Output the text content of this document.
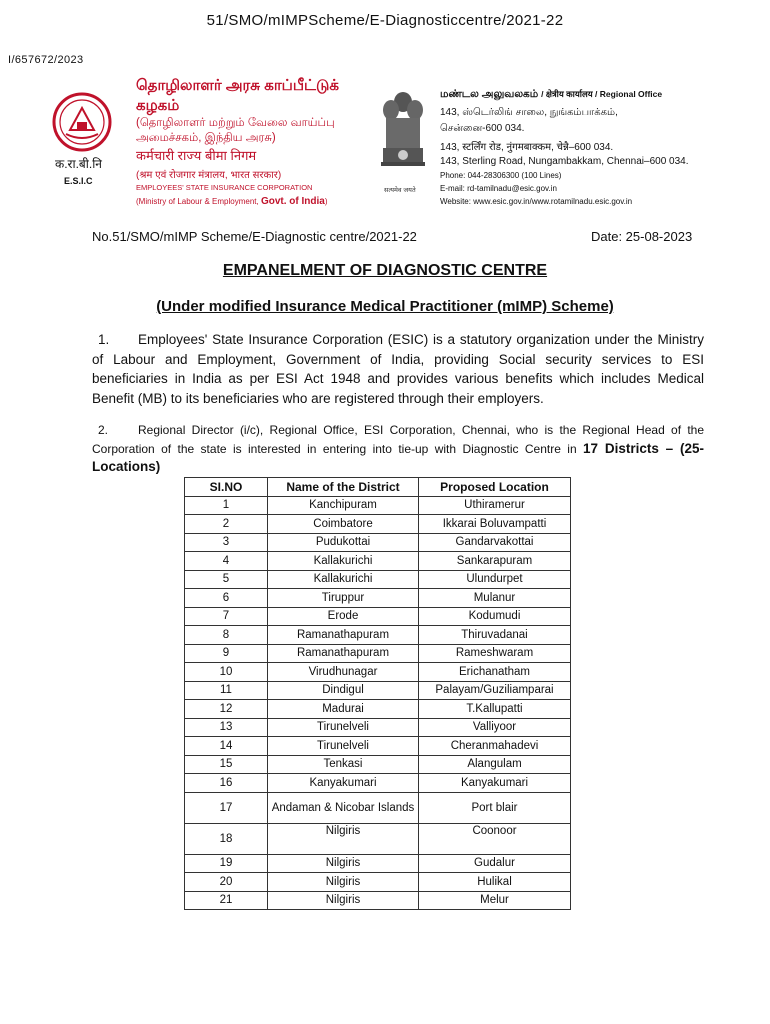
51/SMO/mIMPScheme/E-Diagnosticcentre/2021-22
I/657672/2023
क.रा.बी.नि
E.S.I.C
தொழிலாளர் அரசு காப்பீட்டுக் கழகம்
(தொழிலாளர் மற்றும் வேலை வாய்ப்பு அமைச்சகம், இந்திய அரசு)
कर्मचारी राज्य बीमा निगम
(श्रम एवं रोजगार मंत्रालय, भारत सरकार)
EMPLOYEES' STATE INSURANCE CORPORATION
(Ministry of Labour & Employment, Govt. of India)
सत्यमेव जयते
மண்டல அலுவலகம் / क्षेत्रीय कार्यालय / Regional Office
143, ஸ்டெர்லிங் சாலை, நுங்கம்பாக்கம்,
சென்னை-600 034.
143, स्टर्लिंग रोड, नुंगमबाक्कम, चेन्नै–600 034.
143, Sterling Road, Nungambakkam, Chennai–600 034.
Phone: 044-28306300 (100 Lines)
E-mail: rd-tamilnadu@esic.gov.in
Website: www.esic.gov.in/www.rotamilnadu.esic.gov.in
No.51/SMO/mIMP Scheme/E-Diagnostic centre/2021-22	Date: 25-08-2023
EMPANELMENT OF DIAGNOSTIC CENTRE
(Under modified Insurance Medical Practitioner (mIMP) Scheme)
1. Employees' State Insurance Corporation (ESIC) is a statutory organization under the Ministry of Labour and Employment, Government of India, providing Social security services to ESI beneficiaries in India as per ESI Act 1948 and provides various benefits which includes Medical Benefit (MB) to its beneficiaries who are registered through their employers.
2. Regional Director (i/c), Regional Office, ESI Corporation, Chennai, who is the Regional Head of the Corporation of the state is interested in entering into tie-up with Diagnostic Centre in 17 Districts – (25-Locations)
SI.NO	Name of the District	Proposed Location
1	Kanchipuram	Uthiramerur
2	Coimbatore	Ikkarai Boluvampatti
3	Pudukottai	Gandarvakottai
4	Kallakurichi	Sankarapuram
5	Kallakurichi	Ulundurpet
6	Tiruppur	Mulanur
7	Erode	Kodumudi
8	Ramanathapuram	Thiruvadanai
9	Ramanathapuram	Rameshwaram
10	Virudhunagar	Erichanatham
11	Dindigul	Palayam/Guziliamparai
12	Madurai	T.Kallupatti
13	Tirunelveli	Valliyoor
14	Tirunelveli	Cheranmahadevi
15	Tenkasi	Alangulam
16	Kanyakumari	Kanyakumari
17	Andaman & Nicobar Islands	Port blair
18	Nilgiris	Coonoor
19	Nilgiris	Gudalur
20	Nilgiris	Hulikal
21	Nilgiris	Melur
